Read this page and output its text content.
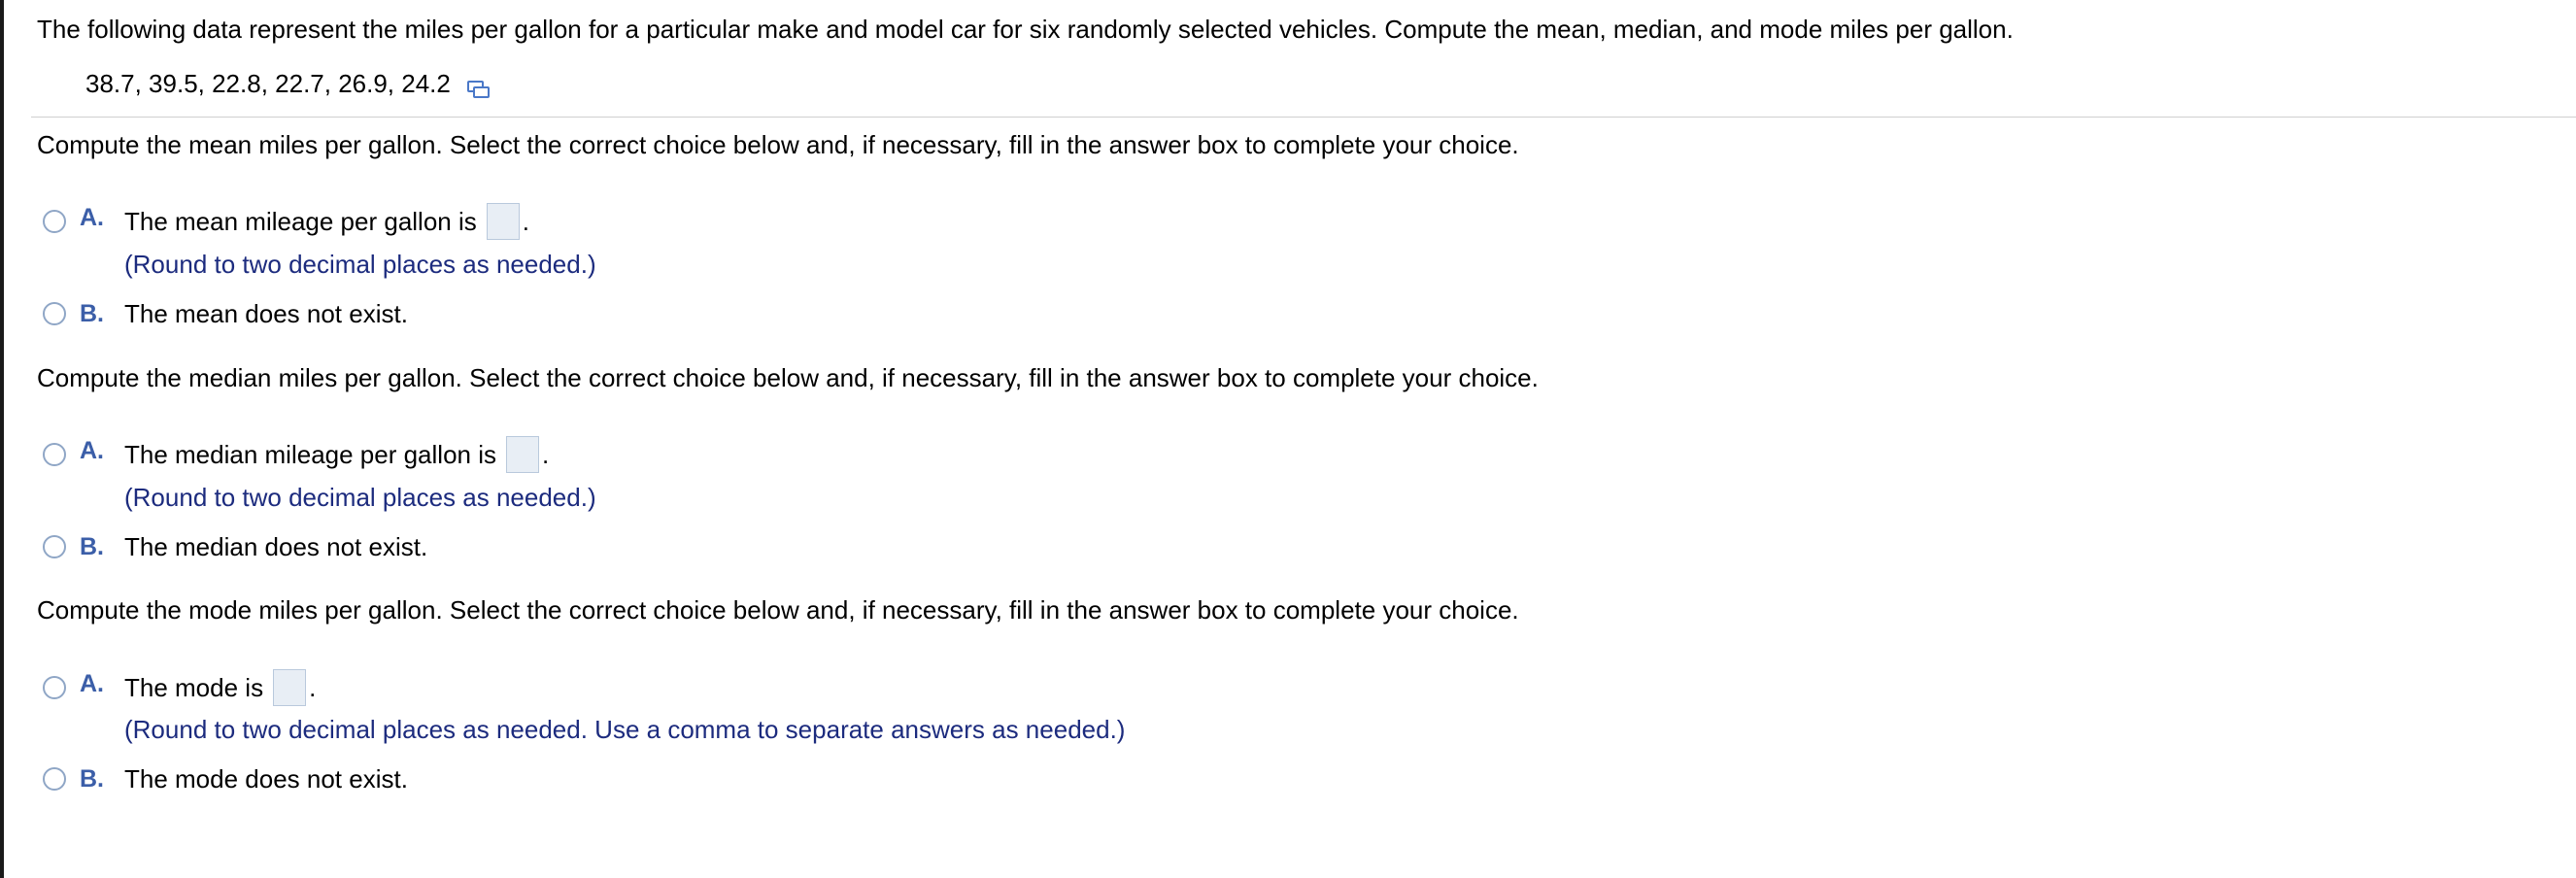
The following data represent the miles per gallon for a particular make and model car for six randomly selected vehicles. Compute the mean, median, and mode miles per gallon.
38.7, 39.5, 22.8, 22.7, 26.9, 24.2
Compute the mean miles per gallon. Select the correct choice below and, if necessary, fill in the answer box to complete your choice.
A. The mean mileage per gallon is .
(Round to two decimal places as needed.)
B. The mean does not exist.
Compute the median miles per gallon. Select the correct choice below and, if necessary, fill in the answer box to complete your choice.
A. The median mileage per gallon is .
(Round to two decimal places as needed.)
B. The median does not exist.
Compute the mode miles per gallon. Select the correct choice below and, if necessary, fill in the answer box to complete your choice.
A. The mode is .
(Round to two decimal places as needed. Use a comma to separate answers as needed.)
B. The mode does not exist.
